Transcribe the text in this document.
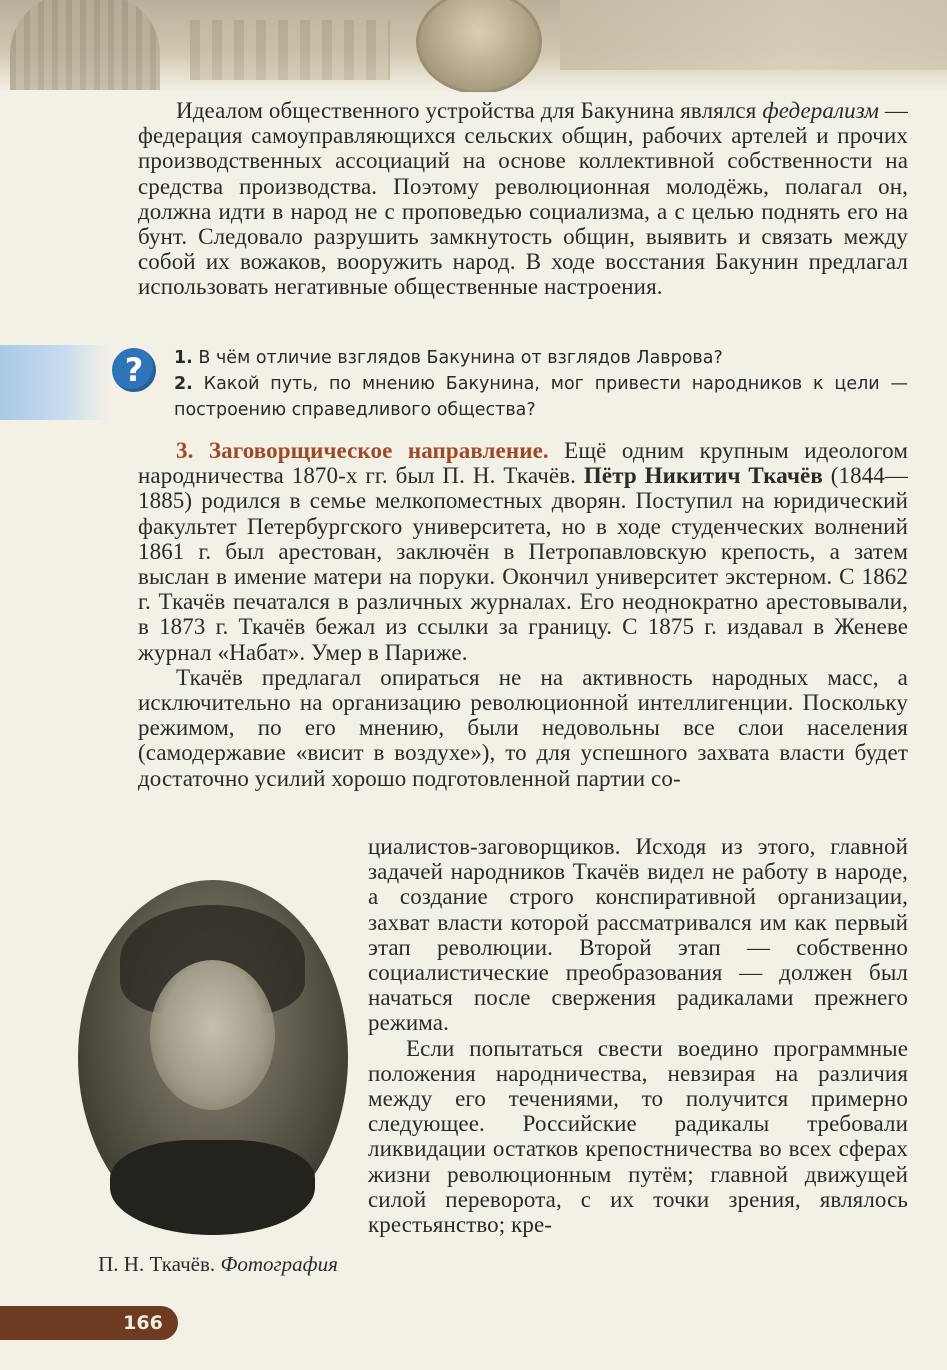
Идеалом общественного устройства для Бакунина являлся федерализм — федерация самоуправляющихся сельских общин, рабочих артелей и прочих производственных ассоциаций на основе коллективной собственности на средства производства. Поэтому революционная молодёжь, полагал он, должна идти в народ не с проповедью социализма, а с целью поднять его на бунт. Следовало разрушить замкнутость общин, выявить и связать между собой их вожаков, вооружить народ. В ходе восстания Бакунин предлагал использовать негативные общественные настроения.

?	1. В чём отличие взглядов Бакунина от взглядов Лаврова?

2. Какой путь, по мнению Бакунина, мог привести народников к цели — построению справедливого общества?

3. Заговорщическое направление. Ещё одним крупным идеологом народничества 1870-х гг. был П. Н. Ткачёв. Пётр Никитич Ткачёв (1844—1885) родился в семье мелкопоместных дворян. Поступил на юридический факультет Петербургского университета, но в ходе студенческих волнений 1861 г. был арестован, заключён в Петропавловскую крепость, а затем выслан в имение матери на поруки. Окончил университет экстерном. С 1862 г. Ткачёв печатался в различных журналах. Его неоднократно арестовывали, в 1873 г. Ткачёв бежал из ссылки за границу. С 1875 г. издавал в Женеве журнал «Набат». Умер в Париже.

Ткачёв предлагал опираться не на активность народных масс, а исключительно на организацию революционной интеллигенции. Поскольку режимом, по его мнению, были недовольны все слои населения (самодержавие «висит в воздухе»), то для успешного захвата власти будет достаточно усилий хорошо подготовленной партии со-

циалистов-заговорщиков. Исходя из этого, главной задачей народников Ткачёв видел не работу в народе, а создание строго конспиративной организации, захват власти которой рассматривался им как первый этап революции. Второй этап — собственно социалистические преобразования — должен был начаться после свержения радикалами прежнего режима.

Если попытаться свести воедино программные положения народничества, невзирая на различия между его течениями, то получится примерно следующее. Российские радикалы требовали ликвидации остатков крепостничества во всех сферах жизни революционным путём; главной движущей силой переворота, с их точки зрения, являлось крестьянство; кре-

П. Н. Ткачёв. Фотография
166
